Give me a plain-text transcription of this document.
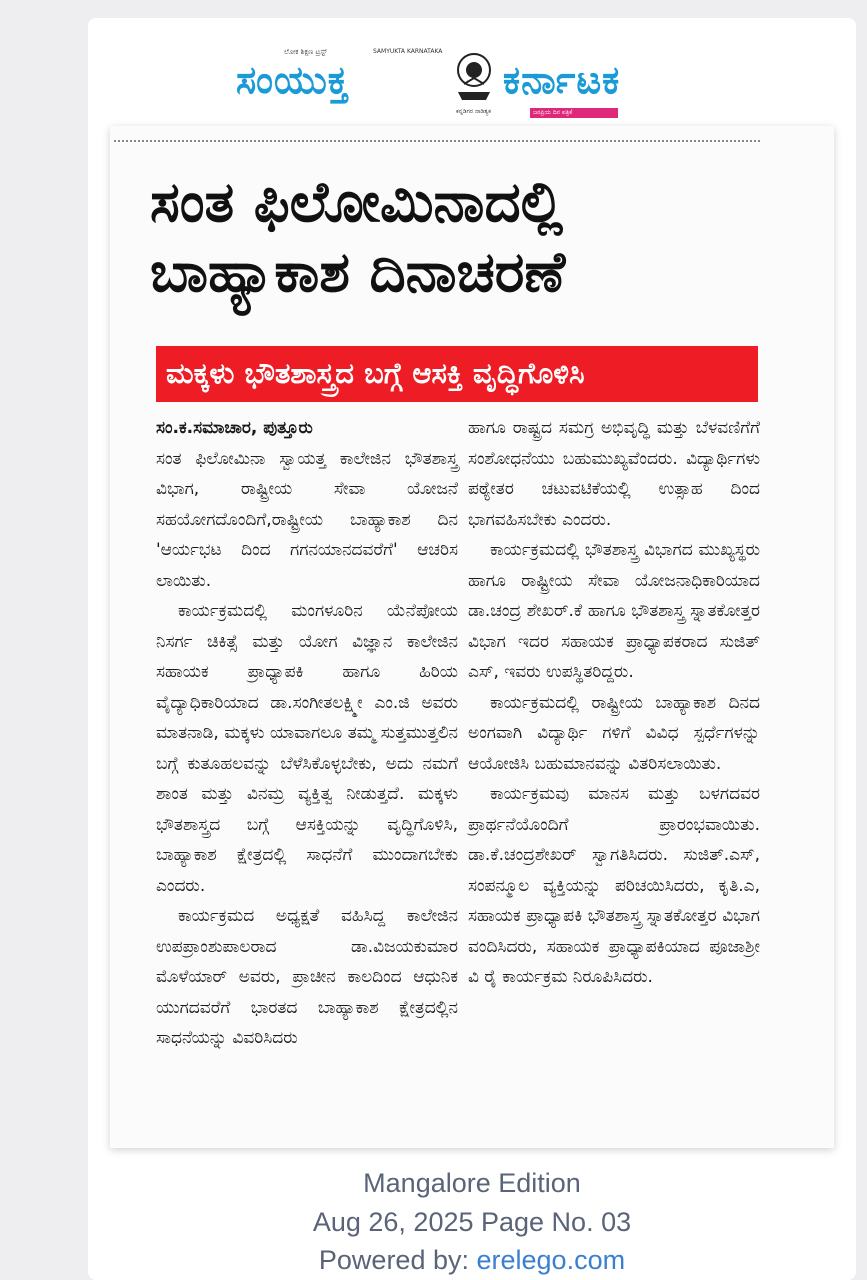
ಲೋಕ ಶಿಕ್ಷಣ ಟ್ರಸ್ಟ್	SAMYUKTA KARNATAKA
ಸಂಯುಕ್ತ	ಕರ್ನಾಟಕ
ಕನ್ನಡಿಗರ ನಾಡಿತ್ಯಕ	ಜನಪ್ರಿಯ ದಿನ ಪತ್ರಿಕೆ
ಸಂತ ಫಿಲೋಮಿನಾದಲ್ಲಿ
ಬಾಹ್ಯಾಕಾಶ ದಿನಾಚರಣೆ
ಮಕ್ಕಳು ಭೌತಶಾಸ್ತ್ರದ ಬಗ್ಗೆ ಆಸಕ್ತಿ ವೃದ್ಧಿಗೊಳಿಸಿ

ಸಂ.ಕ.ಸಮಾಚಾರ, ಪುತ್ತೂರು

ಸಂತ ಫಿಲೋಮಿನಾ ಸ್ವಾಯತ್ತ ಕಾಲೇಜಿನ ಭೌತಶಾಸ್ತ್ರ ವಿಭಾಗ, ರಾಷ್ಟ್ರೀಯ ಸೇವಾ ಯೋಜನೆ ಸಹಯೋಗದೊಂದಿಗೆ,ರಾಷ್ಟ್ರೀಯ ಬಾಹ್ಯಾಕಾಶ ದಿನ 'ಆರ್ಯಭಟ ದಿಂದ ಗಗನಯಾನದವರೆಗೆ' ಆಚರಿಸ ಲಾಯಿತು.

ಕಾರ್ಯಕ್ರಮದಲ್ಲಿ ಮಂಗಳೂರಿನ ಯೆನೆಪೋಯ ನಿಸರ್ಗ ಚಿಕಿತ್ಸೆ ಮತ್ತು ಯೋಗ ವಿಜ್ಞಾನ ಕಾಲೇಜಿನ ಸಹಾಯಕ ಪ್ರಾಧ್ಯಾಪಕಿ ಹಾಗೂ ಹಿರಿಯ ವೈದ್ಯಾಧಿಕಾರಿಯಾದ ಡಾ.ಸಂಗೀತಲಕ್ಷ್ಮೀ ಎಂ.ಜಿ ಅವರು ಮಾತನಾಡಿ, ಮಕ್ಕಳು ಯಾವಾಗಲೂ ತಮ್ಮ ಸುತ್ತಮುತ್ತಲಿನ ಬಗ್ಗೆ ಕುತೂಹಲವನ್ನು ಬೆಳೆಸಿಕೊಳ್ಳಬೇಕು, ಅದು ನಮಗೆ ಶಾಂತ ಮತ್ತು ವಿನಮ್ರ ವ್ಯಕ್ತಿತ್ವ ನೀಡುತ್ತದೆ. ಮಕ್ಕಳು ಭೌತಶಾಸ್ತ್ರದ ಬಗ್ಗೆ ಆಸಕ್ತಿಯನ್ನು ವೃದ್ಧಿಗೊಳಿಸಿ, ಬಾಹ್ಯಾಕಾಶ ಕ್ಷೇತ್ರದಲ್ಲಿ ಸಾಧನೆಗೆ ಮುಂದಾಗಬೇಕು ಎಂದರು.

ಕಾರ್ಯಕ್ರಮದ ಅಧ್ಯಕ್ಷತೆ ವಹಿಸಿದ್ದ ಕಾಲೇಜಿನ ಉಪಪ್ರಾಂಶುಪಾಲರಾದ ಡಾ.ವಿಜಯಕುಮಾರ ಮೊಳೆಯಾರ್ ಅವರು, ಪ್ರಾಚೀನ ಕಾಲದಿಂದ ಆಧುನಿಕ ಯುಗದವರೆಗೆ ಭಾರತದ ಬಾಹ್ಯಾಕಾಶ ಕ್ಷೇತ್ರದಲ್ಲಿನ ಸಾಧನೆಯನ್ನು ವಿವರಿಸಿದರು

ಹಾಗೂ ರಾಷ್ಟ್ರದ ಸಮಗ್ರ ಅಭಿವೃದ್ಧಿ ಮತ್ತು ಬೆಳವಣಿಗೆಗೆ ಸಂಶೋಧನೆಯು ಬಹುಮುಖ್ಯವೆಂದರು. ವಿದ್ಯಾರ್ಥಿಗಳು ಪಠ್ಯೇತರ ಚಟುವಟಿಕೆಯಲ್ಲಿ ಉತ್ಸಾಹ ದಿಂದ ಭಾಗವಹಿಸಬೇಕು ಎಂದರು.

ಕಾರ್ಯಕ್ರಮದಲ್ಲಿ ಭೌತಶಾಸ್ತ್ರ ವಿಭಾಗದ ಮುಖ್ಯಸ್ಥರು ಹಾಗೂ ರಾಷ್ಟ್ರೀಯ ಸೇವಾ ಯೋಜನಾಧಿಕಾರಿಯಾದ ಡಾ.ಚಂದ್ರ ಶೇಖರ್.ಕೆ ಹಾಗೂ ಭೌತಶಾಸ್ತ್ರ ಸ್ನಾತಕೋತ್ತರ ವಿಭಾಗ ಇದರ ಸಹಾಯಕ ಪ್ರಾಧ್ಯಾಪಕರಾದ ಸುಜಿತ್ ಎಸ್, ಇವರು ಉಪಸ್ಥಿತರಿದ್ದರು.

ಕಾರ್ಯಕ್ರಮದಲ್ಲಿ ರಾಷ್ಟ್ರೀಯ ಬಾಹ್ಯಾಕಾಶ ದಿನದ ಅಂಗವಾಗಿ ವಿದ್ಯಾರ್ಥಿ ಗಳಿಗೆ ವಿವಿಧ ಸ್ಪರ್ಧೆಗಳನ್ನು ಆಯೋಜಿಸಿ ಬಹುಮಾನವನ್ನು ವಿತರಿಸಲಾಯಿತು.

ಕಾರ್ಯಕ್ರಮವು ಮಾನಸ ಮತ್ತು ಬಳಗದವರ ಪ್ರಾರ್ಥನೆಯೊಂದಿಗೆ ಪ್ರಾರಂಭವಾಯಿತು. ಡಾ.ಕೆ.ಚಂದ್ರಶೇಖರ್ ಸ್ವಾಗತಿಸಿದರು. ಸುಜಿತ್.ಎಸ್, ಸಂಪನ್ಮೂಲ ವ್ಯಕ್ತಿಯನ್ನು ಪರಿಚಯಿಸಿದರು, ಕೃತಿ.ಎ, ಸಹಾಯಕ ಪ್ರಾಧ್ಯಾಪಕಿ ಭೌತಶಾಸ್ತ್ರ ಸ್ನಾತಕೋತ್ತರ ವಿಭಾಗ ವಂದಿಸಿದರು, ಸಹಾಯಕ ಪ್ರಾಧ್ಯಾಪಕಿಯಾದ ಪೂಜಾಶ್ರೀ ವಿ ರೈ ಕಾರ್ಯಕ್ರಮ ನಿರೂಪಿಸಿದರು.

Mangalore Edition
Aug 26, 2025 Page No. 03
Powered by: erelego.com
